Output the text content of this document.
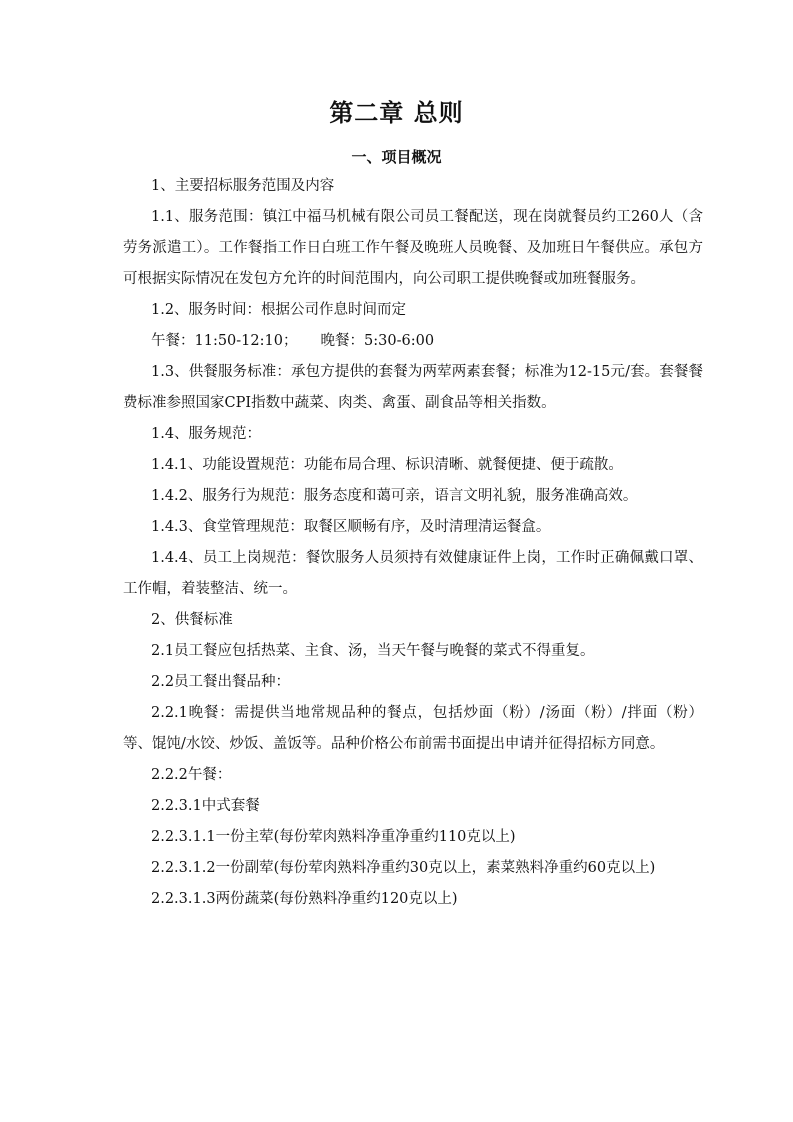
第二章 总则
一、项目概况

1、主要招标服务范围及内容

1.1、服务范围：镇江中福马机械有限公司员工餐配送，现在岗就餐员约工260人（含劳务派遣工）。工作餐指工作日白班工作午餐及晚班人员晚餐、及加班日午餐供应。承包方可根据实际情况在发包方允许的时间范围内，向公司职工提供晚餐或加班餐服务。

1.2、服务时间：根据公司作息时间而定

午餐：11:50-12:10；     晚餐：5:30-6:00

1.3、供餐服务标准：承包方提供的套餐为两荤两素套餐；标准为12-15元/套。套餐餐费标准参照国家CPI指数中蔬菜、肉类、禽蛋、副食品等相关指数。

1.4、服务规范：

1.4.1、功能设置规范：功能布局合理、标识清晰、就餐便捷、便于疏散。

1.4.2、服务行为规范：服务态度和蔼可亲，语言文明礼貌，服务准确高效。

1.4.3、食堂管理规范：取餐区顺畅有序，及时清理清运餐盒。

1.4.4、员工上岗规范：餐饮服务人员须持有效健康证件上岗，工作时正确佩戴口罩、工作帽，着装整洁、统一。

2、供餐标准

2.1员工餐应包括热菜、主食、汤，当天午餐与晚餐的菜式不得重复。

2.2员工餐出餐品种：

2.2.1晚餐：需提供当地常规品种的餐点，包括炒面（粉）/汤面（粉）/拌面（粉）等、馄饨/水饺、炒饭、盖饭等。品种价格公布前需书面提出申请并征得招标方同意。

2.2.2午餐：

2.2.3.1中式套餐

2.2.3.1.1一份主荤(每份荤肉熟料净重净重约110克以上)

2.2.3.1.2一份副荤(每份荤肉熟料净重约30克以上，素菜熟料净重约60克以上)

2.2.3.1.3两份蔬菜(每份熟料净重约120克以上)
